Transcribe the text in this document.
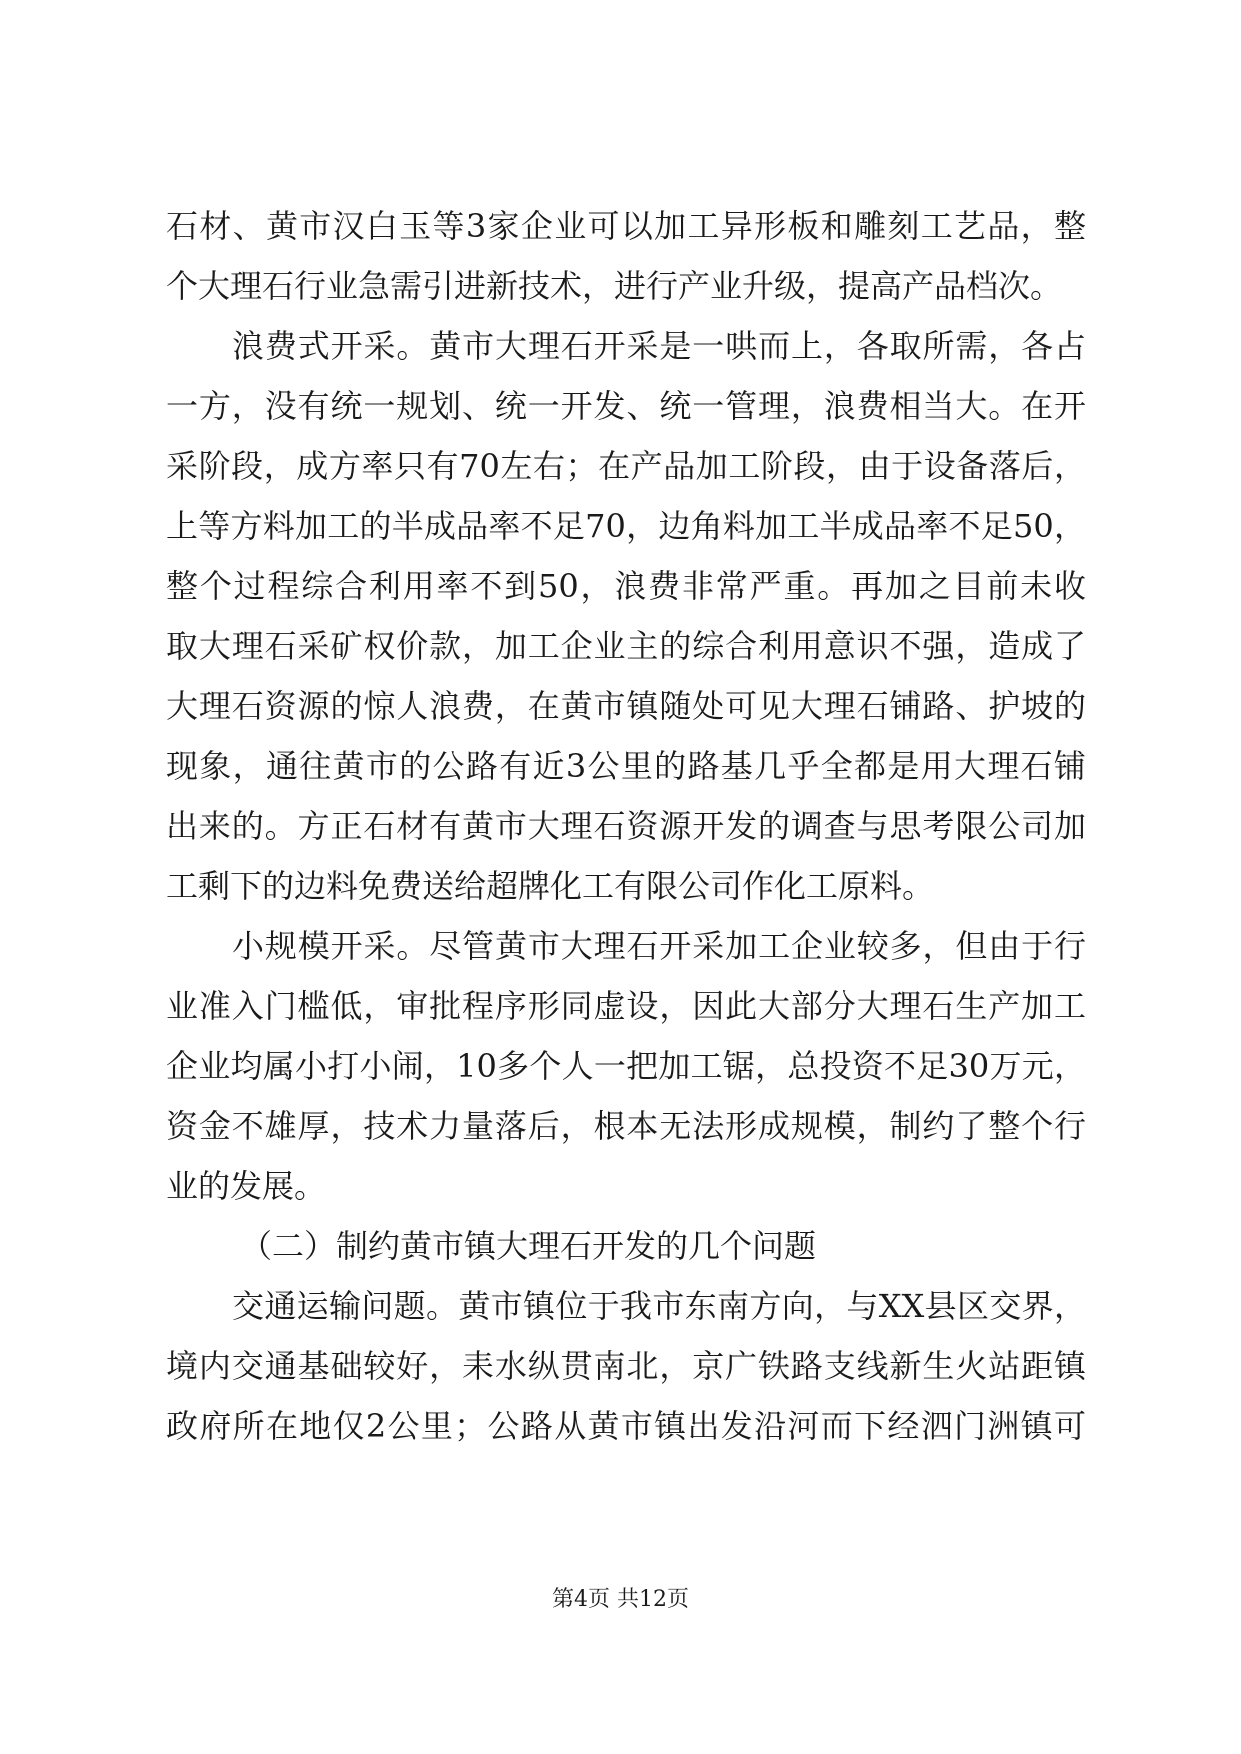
石材、黄市汉白玉等3家企业可以加工异形板和雕刻工艺品，整
个大理石行业急需引进新技术，进行产业升级，提高产品档次。
浪费式开采。黄市大理石开采是一哄而上，各取所需，各占
一方，没有统一规划、统一开发、统一管理，浪费相当大。在开
采阶段，成方率只有70左右；在产品加工阶段，由于设备落后，
上等方料加工的半成品率不足70，边角料加工半成品率不足50，
整个过程综合利用率不到50，浪费非常严重。再加之目前未收
取大理石采矿权价款，加工企业主的综合利用意识不强，造成了
大理石资源的惊人浪费，在黄市镇随处可见大理石铺路、护坡的
现象，通往黄市的公路有近3公里的路基几乎全都是用大理石铺
出来的。方正石材有黄市大理石资源开发的调查与思考限公司加
工剩下的边料免费送给超牌化工有限公司作化工原料。
小规模开采。尽管黄市大理石开采加工企业较多，但由于行
业准入门槛低，审批程序形同虚设，因此大部分大理石生产加工
企业均属小打小闹，10多个人一把加工锯，总投资不足30万元，
资金不雄厚，技术力量落后，根本无法形成规模，制约了整个行
业的发展。
（二）制约黄市镇大理石开发的几个问题
交通运输问题。黄市镇位于我市东南方向，与XX县区交界，
境内交通基础较好，耒水纵贯南北，京广铁路支线新生火站距镇
政府所在地仅2公里；公路从黄市镇出发沿河而下经泗门洲镇可
第4页 共12页
